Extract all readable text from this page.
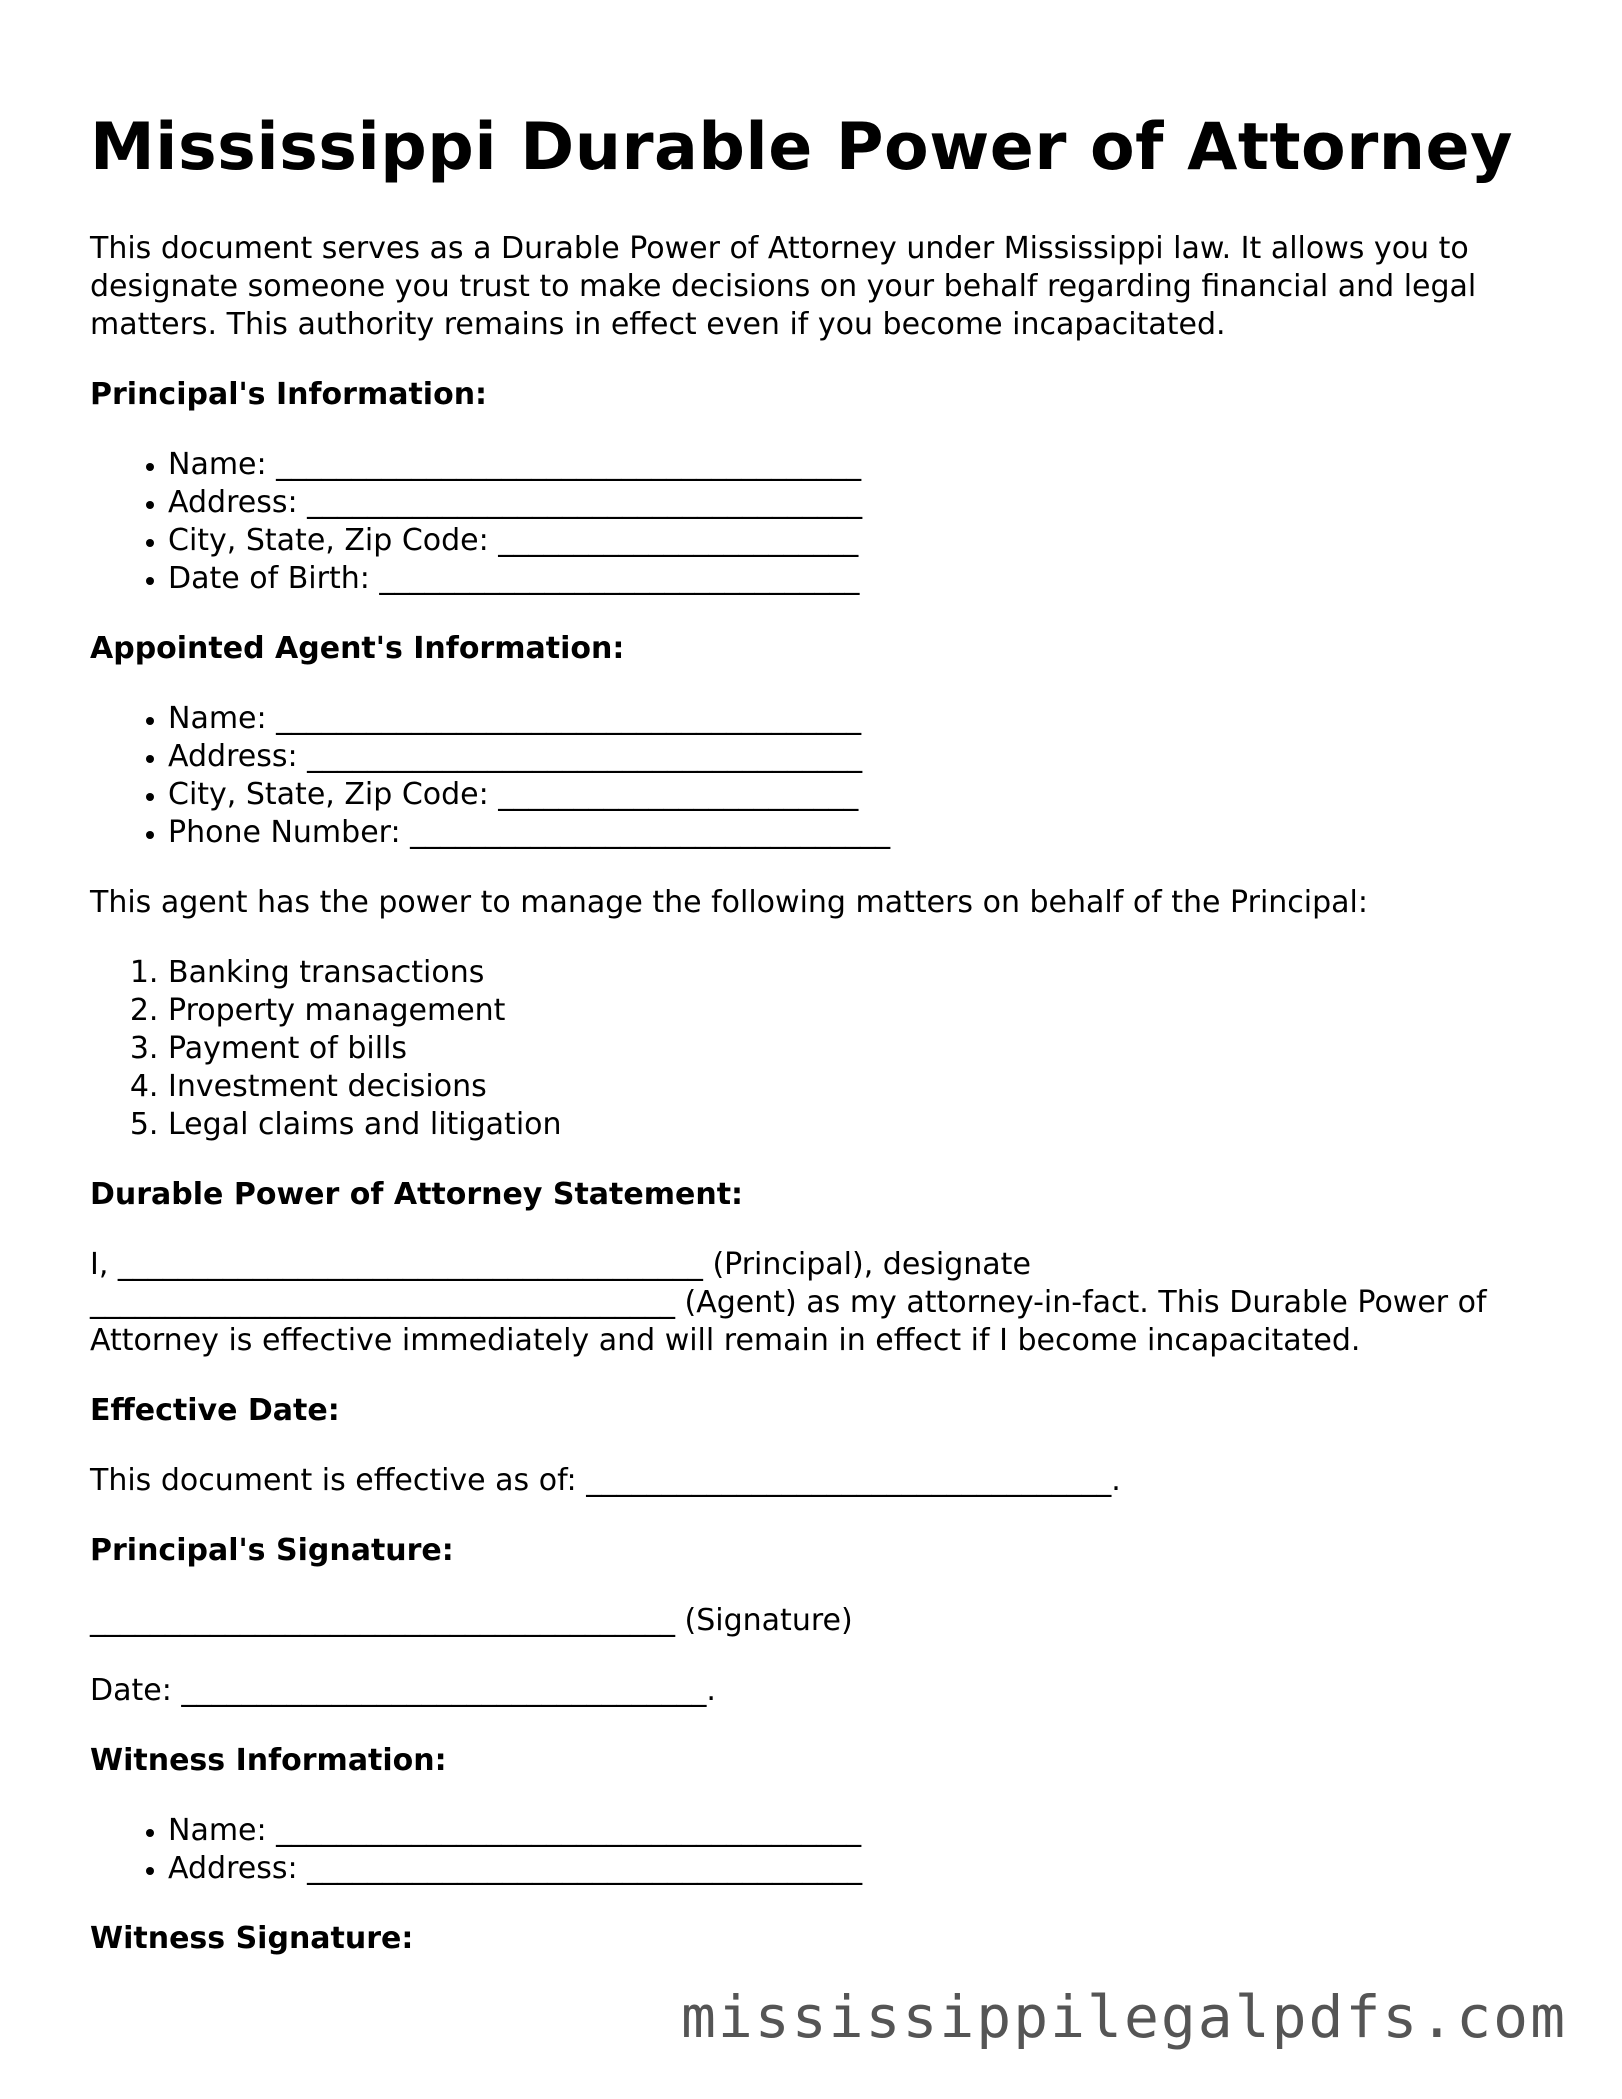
Mississippi Durable Power of Attorney

This document serves as a Durable Power of Attorney under Mississippi law. It allows you to designate someone you trust to make decisions on your behalf regarding financial and legal matters. This authority remains in effect even if you become incapacitated.

Principal's Information:
• Name: _______________________________________
• Address: _____________________________________
• City, State, Zip Code: ________________________
• Date of Birth: ________________________________
Appointed Agent's Information:
• Name: _______________________________________
• Address: _____________________________________
• City, State, Zip Code: ________________________
• Phone Number: ________________________________

This agent has the power to manage the following matters on behalf of the Principal:

1. Banking transactions
2. Property management
3. Payment of bills
4. Investment decisions
5. Legal claims and litigation
Durable Power of Attorney Statement:

I, _______________________________________ (Principal), designate _______________________________________ (Agent) as my attorney-in-fact. This Durable Power of Attorney is effective immediately and will remain in effect if I become incapacitated.

Effective Date:

This document is effective as of: ___________________________________.

Principal's Signature:

_______________________________________ (Signature)

Date: ___________________________________.

Witness Information:
• Name: _______________________________________
• Address: _____________________________________
Witness Signature:
mississippilegalpdfs.com
